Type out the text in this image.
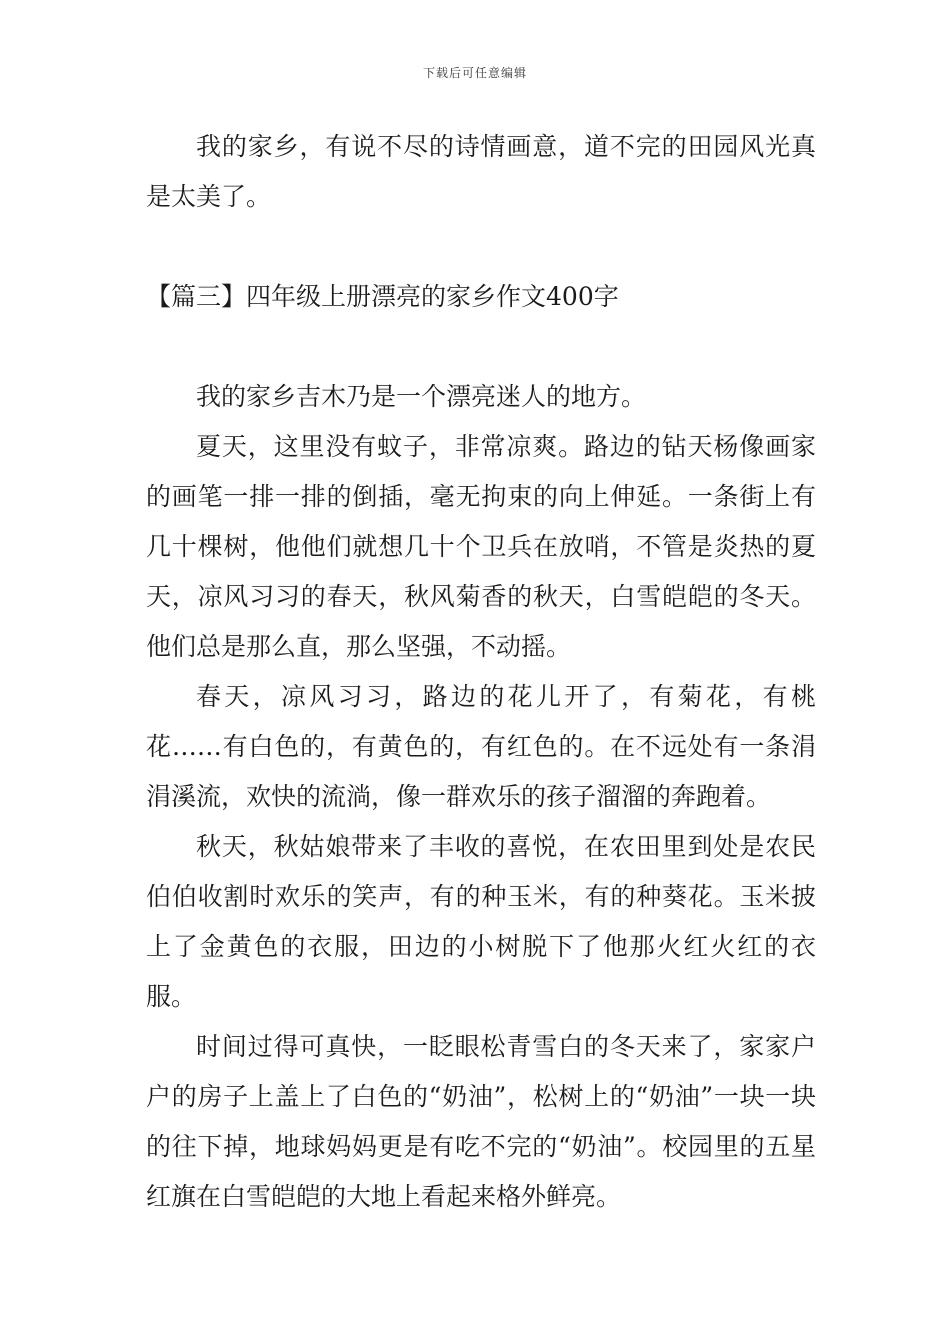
下载后可任意编辑

我的家乡，有说不尽的诗情画意，道不完的田园风光真是太美了。

【篇三】四年级上册漂亮的家乡作文400字

我的家乡吉木乃是一个漂亮迷人的地方。

夏天，这里没有蚊子，非常凉爽。路边的钻天杨像画家的画笔一排一排的倒插，毫无拘束的向上伸延。一条街上有几十棵树，他他们就想几十个卫兵在放哨，不管是炎热的夏天，凉风习习的春天，秋风菊香的秋天，白雪皑皑的冬天。他们总是那么直，那么坚强，不动摇。

春天，凉风习习，路边的花儿开了，有菊花，有桃花……有白色的，有黄色的，有红色的。在不远处有一条涓涓溪流，欢快的流淌，像一群欢乐的孩子溜溜的奔跑着。

秋天，秋姑娘带来了丰收的喜悦，在农田里到处是农民伯伯收割时欢乐的笑声，有的种玉米，有的种葵花。玉米披上了金黄色的衣服，田边的小树脱下了他那火红火红的衣服。

时间过得可真快，一眨眼松青雪白的冬天来了，家家户户的房子上盖上了白色的“奶油”，松树上的“奶油”一块一块的往下掉，地球妈妈更是有吃不完的“奶油”。校园里的五星红旗在白雪皑皑的大地上看起来格外鲜亮。
